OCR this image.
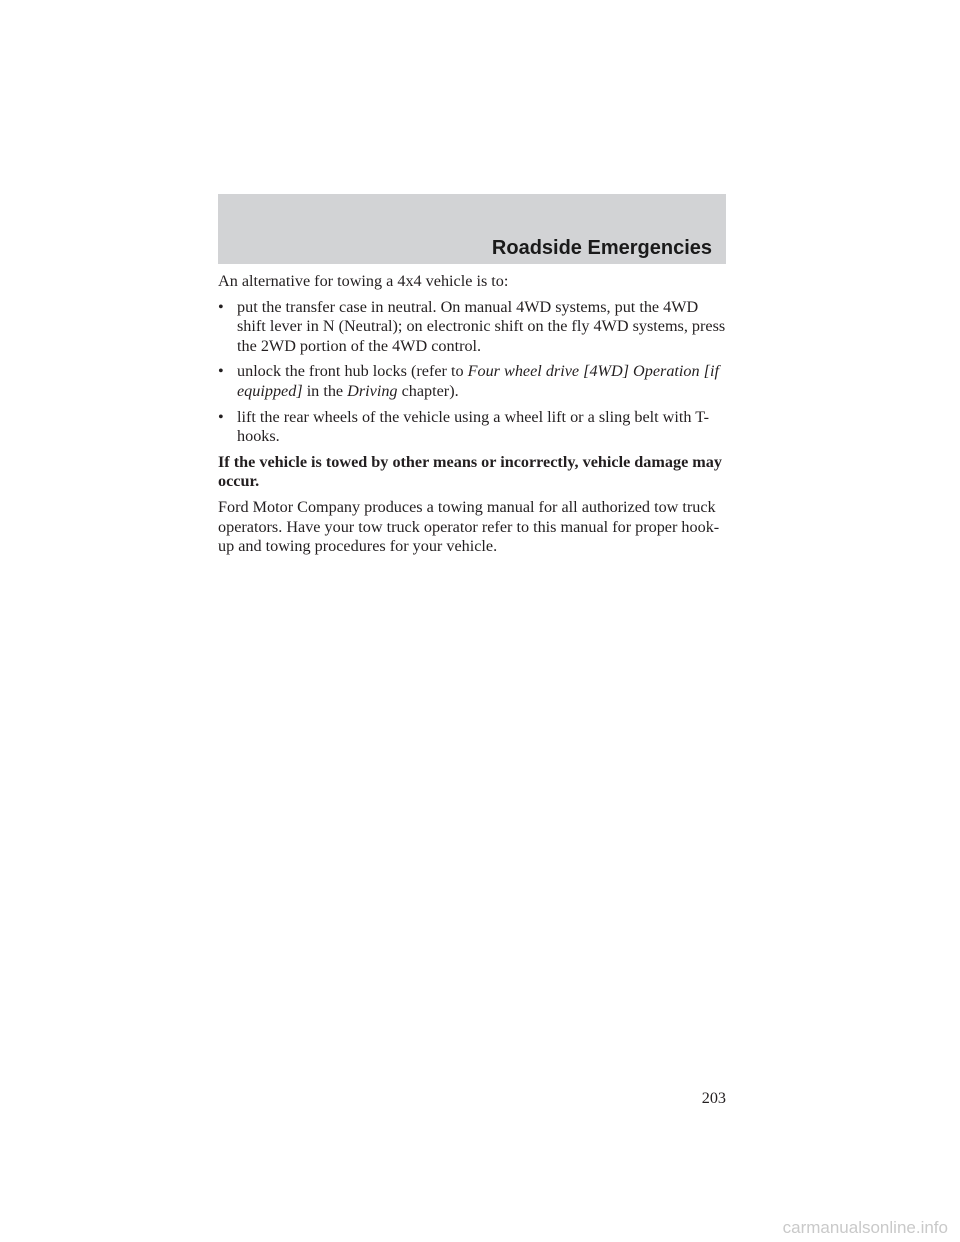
Roadside Emergencies

An alternative for towing a 4x4 vehicle is to:

• put the transfer case in neutral. On manual 4WD systems, put the 4WD shift lever in N (Neutral); on electronic shift on the fly 4WD systems, press the 2WD portion of the 4WD control.
• unlock the front hub locks (refer to Four wheel drive [4WD] Operation [if equipped] in the Driving chapter).
• lift the rear wheels of the vehicle using a wheel lift or a sling belt with T-hooks.

If the vehicle is towed by other means or incorrectly, vehicle damage may occur.

Ford Motor Company produces a towing manual for all authorized tow truck operators. Have your tow truck operator refer to this manual for proper hook-up and towing procedures for your vehicle.

203
carmanualsonline.info
